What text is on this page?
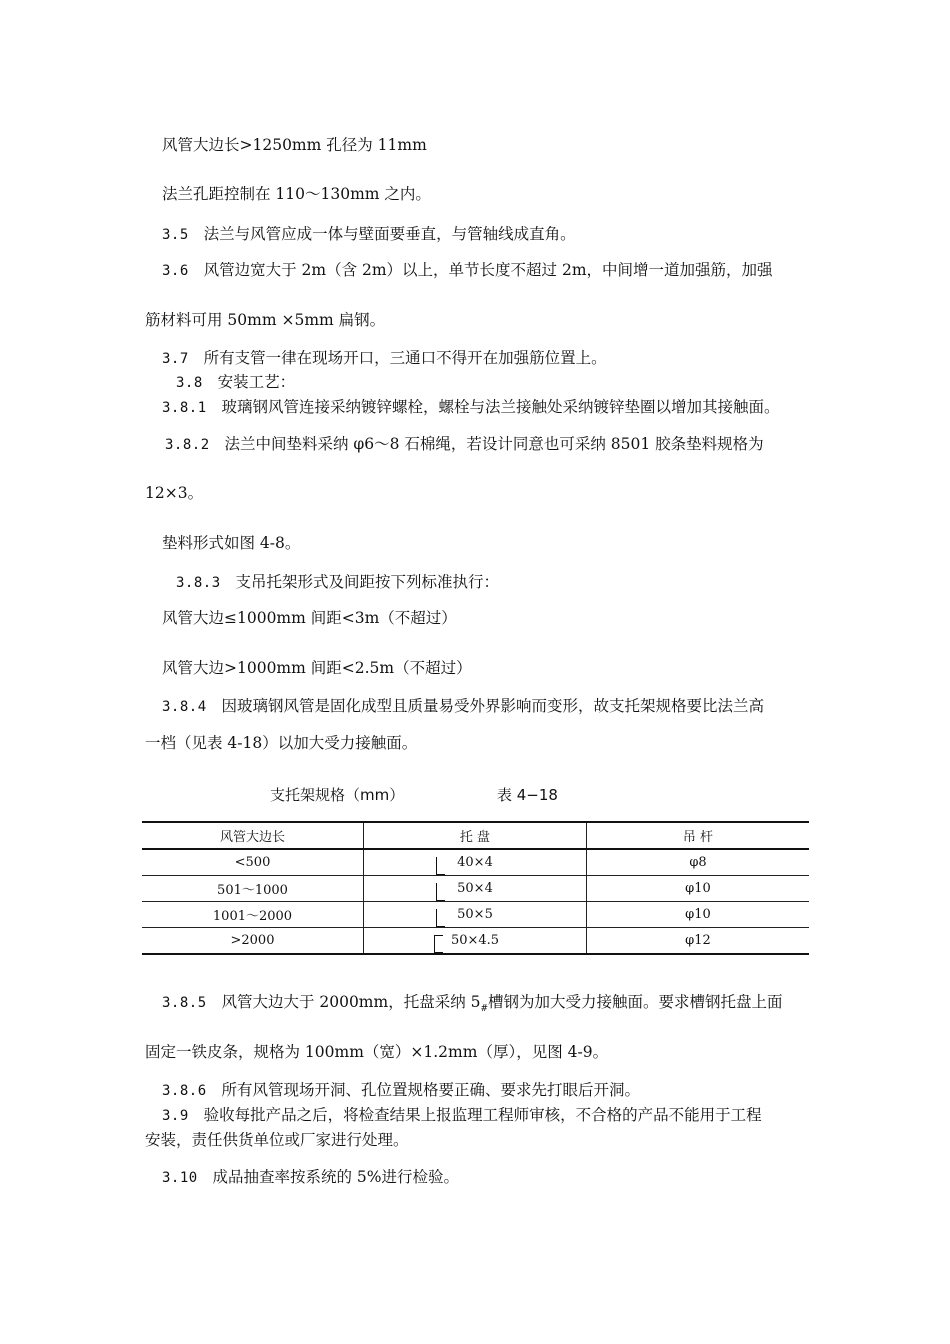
风管大边长>1250mm 孔径为 11mm
法兰孔距控制在 110～130mm 之内。
3.5 法兰与风管应成一体与壁面要垂直，与管轴线成直角。
3.6 风管边宽大于 2m（含 2m）以上，单节长度不超过 2m，中间增一道加强筋，加强
筋材料可用 50mm ×5mm 扁钢。
3.7 所有支管一律在现场开口，三通口不得开在加强筋位置上。
3.8 安装工艺：
3.8.1 玻璃钢风管连接采纳镀锌螺栓，螺栓与法兰接触处采纳镀锌垫圈以增加其接触面。
3.8.2 法兰中间垫料采纳 φ6～8 石棉绳，若设计同意也可采纳 8501 胶条垫料规格为
12×3。
垫料形式如图 4-8。
3.8.3 支吊托架形式及间距按下列标准执行：
风管大边≤1000mm 间距<3m（不超过）
风管大边>1000mm 间距<2.5m（不超过）
3.8.4 因玻璃钢风管是固化成型且质量易受外界影响而变形，故支托架规格要比法兰高
一档（见表 4-18）以加大受力接触面。
支托架规格（mm）	表 4−18
风管大边长	托 盘	吊 杆
<500	40×4	φ8
501～1000	50×4	φ10
1001～2000	50×5	φ10
>2000	50×4.5	φ12
3.8.5 风管大边大于 2000mm，托盘采纳 $5_{\#}$槽钢为加大受力接触面。要求槽钢托盘上面
固定一铁皮条，规格为 100mm（宽）×1.2mm（厚），见图 4-9。
3.8.6 所有风管现场开洞、孔位置规格要正确、要求先打眼后开洞。
3.9 验收每批产品之后，将检查结果上报监理工程师审核，不合格的产品不能用于工程
安装，责任供货单位或厂家进行处理。
3.10 成品抽查率按系统的 5%进行检验。
